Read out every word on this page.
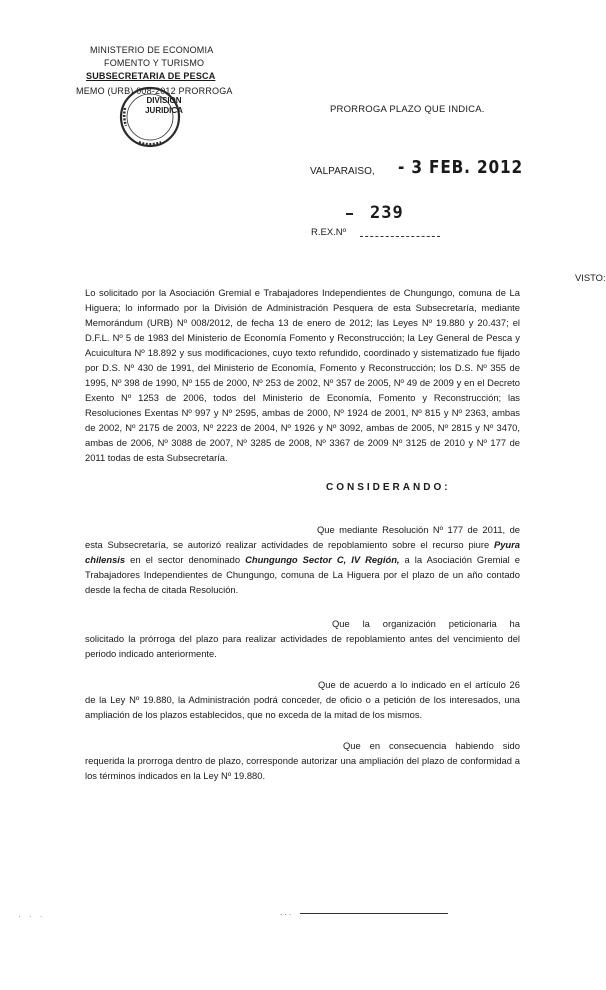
MINISTERIO DE ECONOMIA
FOMENTO Y TURISMO
SUBSECRETARIA DE PESCA
MEMO (URB) 008-2012 PRORROGA
DIVISION
JURIDICA	PRORROGA PLAZO QUE INDICA.
VALPARAISO, - 3 FEB. 2012
239
R.EX.Nº

VISTO: Lo solicitado por la Asociación Gremial e Trabajadores Independientes de Chungungo, comuna de La Higuera; lo informado por la División de Administración Pesquera de esta Subsecretaría, mediante Memorándum (URB) Nº 008/2012, de fecha 13 de enero de 2012; las Leyes Nº 19.880 y 20.437; el D.F.L. Nº 5 de 1983 del Ministerio de Economía Fomento y Reconstrucción; la Ley General de Pesca y Acuicultura Nº 18.892 y sus modificaciones, cuyo texto refundido, coordinado y sistematizado fue fijado por D.S. Nº 430 de 1991, del Ministerio de Economía, Fomento y Reconstrucción; los D.S. Nº 355 de 1995, Nº 398 de 1990, Nº 155 de 2000, Nº 253 de 2002, Nº 357 de 2005, Nº 49 de 2009 y en el Decreto Exento Nº 1253 de 2006, todos del Ministerio de Economía, Fomento y Reconstrucción; las Resoluciones Exentas Nº 997 y Nº 2595, ambas de 2000, Nº 1924 de 2001, Nº 815 y Nº 2363, ambas de 2002, Nº 2175 de 2003, Nº 2223 de 2004, Nº 1926 y Nº 3092, ambas de 2005, Nº 2815 y Nº 3470, ambas de 2006, Nº 3088 de 2007, Nº 3285 de 2008, Nº 3367 de 2009 Nº 3125 de 2010 y Nº 177 de 2011 todas de esta Subsecretaría.

CONSIDERANDO:

Que mediante Resolución Nº 177 de 2011, de esta Subsecretaría, se autorizó realizar actividades de repoblamiento sobre el recurso piure Pyura chilensis en el sector denominado Chungungo Sector C, IV Región, a la Asociación Gremial e Trabajadores Independientes de Chungungo, comuna de La Higuera por el plazo de un año contado desde la fecha de citada Resolución.

Que la organización peticionaria ha solicitado la prórroga del plazo para realizar actividades de repoblamiento antes del vencimiento del periodo indicado anteriormente.

Que de acuerdo a lo indicado en el artículo 26 de la Ley Nº 19.880, la Administración podrá conceder, de oficio o a petición de los interesados, una ampliación de los plazos establecidos, que no exceda de la mitad de los mismos.

Que en consecuencia habiendo sido requerida la prorroga dentro de plazo, corresponde autorizar una ampliación del plazo de conformidad a los términos indicados en la Ley Nº 19.880.

· · ·	. . .
